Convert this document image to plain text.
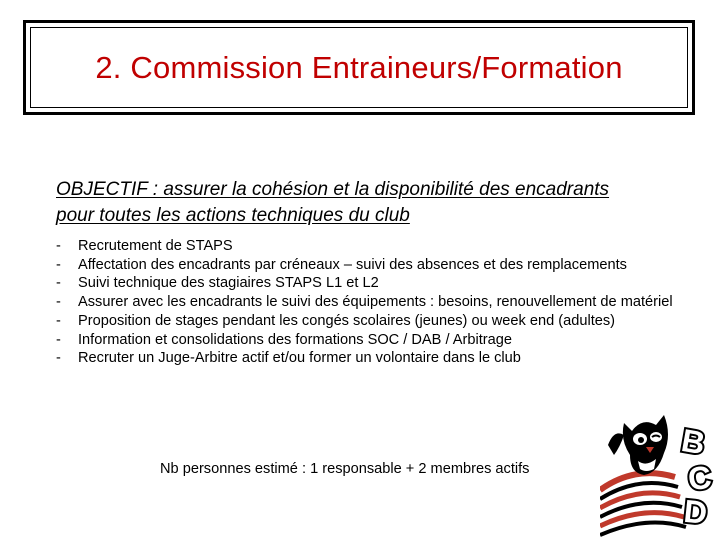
2. Commission Entraineurs/Formation
OBJECTIF : assurer la cohésion et la disponibilité des encadrants
pour toutes les actions techniques du club
- Recrutement de STAPS
- Affectation des encadrants par créneaux – suivi des absences et des remplacements
- Suivi technique des stagiaires STAPS L1 et L2
- Assurer avec les encadrants le suivi des équipements : besoins, renouvellement de matériel
- Proposition de stages pendant les congés scolaires (jeunes) ou week end (adultes)
- Information et consolidations des formations SOC / DAB / Arbitrage
- Recruter un Juge-Arbitre actif et/ou former un volontaire dans le club
Nb personnes estimé : 1 responsable + 2 membres actifs
B
C
D
